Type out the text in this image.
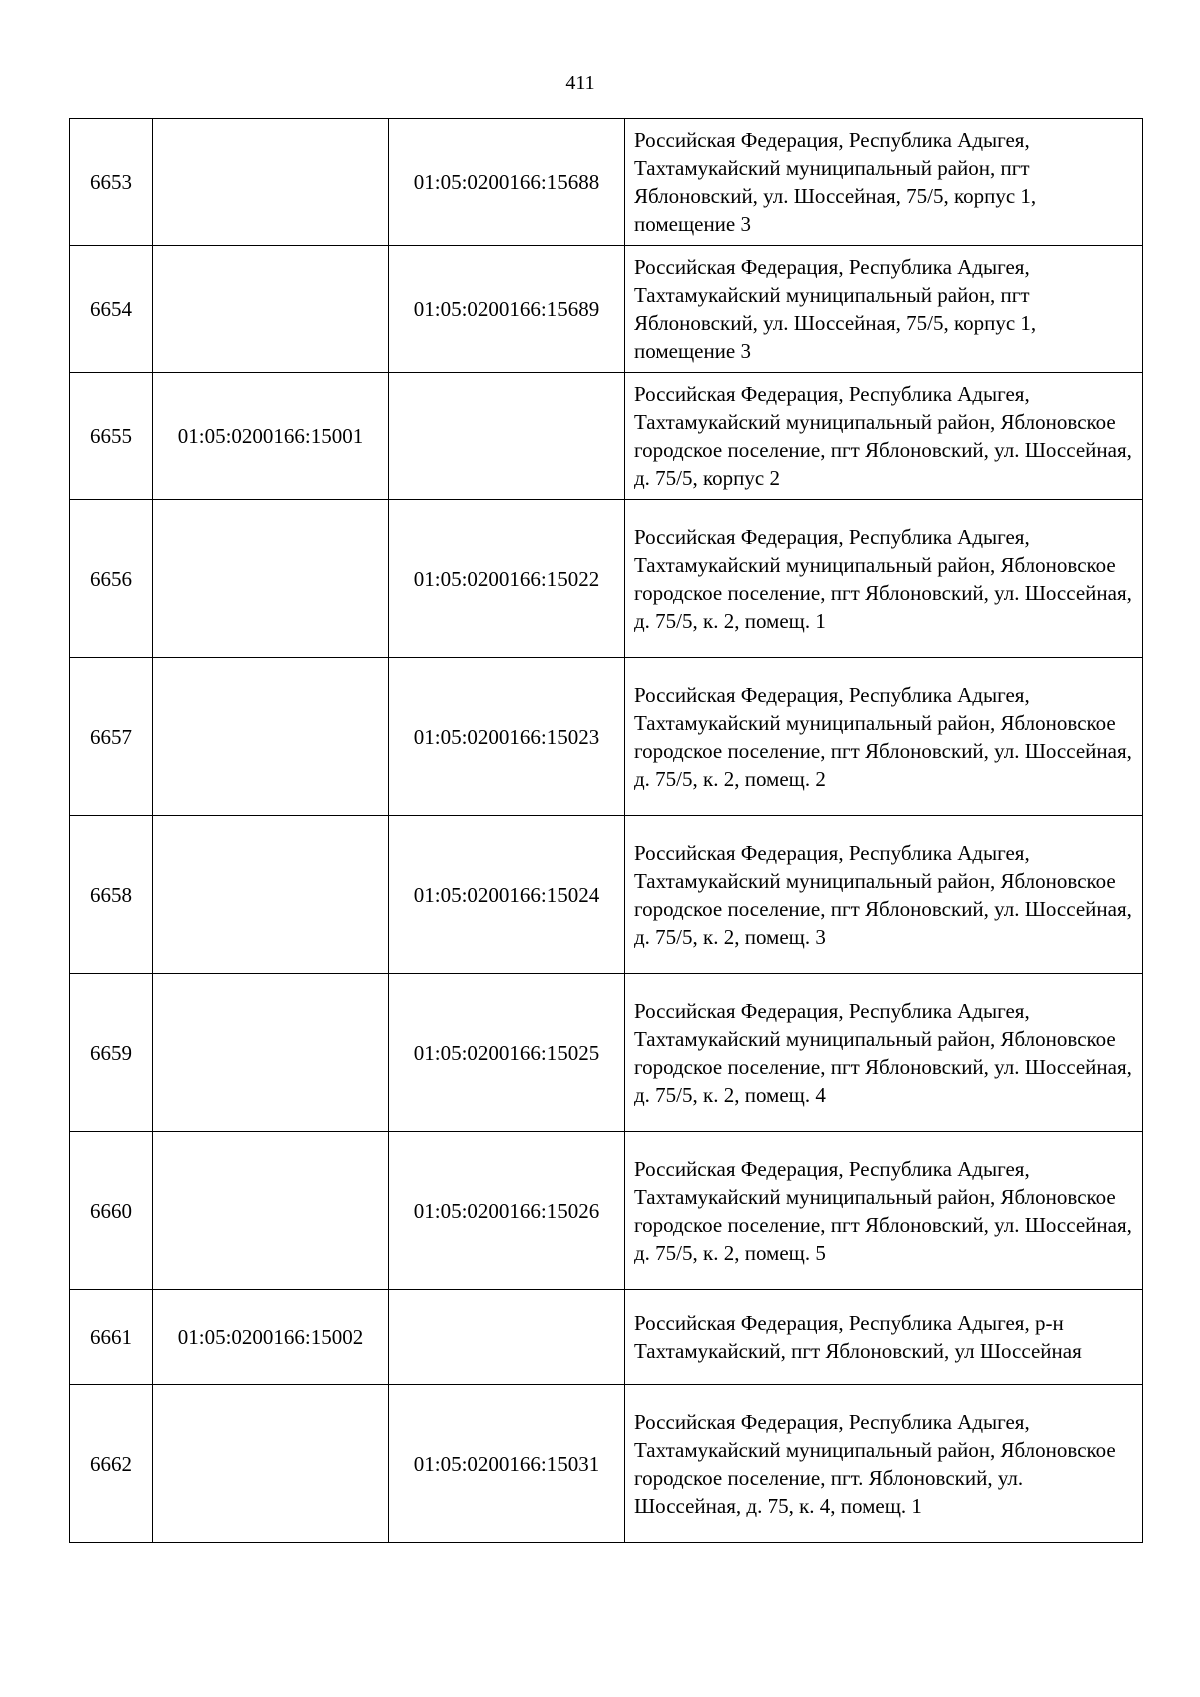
411
6653		01:05:0200166:15688	Российская Федерация, Республика Адыгея, Тахтамукайский муниципальный район, пгт Яблоновский, ул. Шоссейная, 75/5, корпус 1, помещение 3
6654		01:05:0200166:15689	Российская Федерация, Республика Адыгея, Тахтамукайский муниципальный район, пгт Яблоновский, ул. Шоссейная, 75/5, корпус 1, помещение 3
6655	01:05:0200166:15001		Российская Федерация, Республика Адыгея, Тахтамукайский муниципальный район, Яблоновское городское поселение, пгт Яблоновский, ул. Шоссейная, д. 75/5, корпус 2
6656		01:05:0200166:15022	Российская Федерация, Республика Адыгея, Тахтамукайский муниципальный район, Яблоновское городское поселение, пгт Яблоновский, ул. Шоссейная, д. 75/5, к. 2, помещ. 1
6657		01:05:0200166:15023	Российская Федерация, Республика Адыгея, Тахтамукайский муниципальный район, Яблоновское городское поселение, пгт Яблоновский, ул. Шоссейная, д. 75/5, к. 2, помещ. 2
6658		01:05:0200166:15024	Российская Федерация, Республика Адыгея, Тахтамукайский муниципальный район, Яблоновское городское поселение, пгт Яблоновский, ул. Шоссейная, д. 75/5, к. 2, помещ. 3
6659		01:05:0200166:15025	Российская Федерация, Республика Адыгея, Тахтамукайский муниципальный район, Яблоновское городское поселение, пгт Яблоновский, ул. Шоссейная, д. 75/5, к. 2, помещ. 4
6660		01:05:0200166:15026	Российская Федерация, Республика Адыгея, Тахтамукайский муниципальный район, Яблоновское городское поселение, пгт Яблоновский, ул. Шоссейная, д. 75/5, к. 2, помещ. 5
6661	01:05:0200166:15002		Российская Федерация, Республика Адыгея, р-н Тахтамукайский, пгт Яблоновский, ул Шоссейная
6662		01:05:0200166:15031	Российская Федерация, Республика Адыгея, Тахтамукайский муниципальный район, Яблоновское городское поселение, пгт. Яблоновский, ул. Шоссейная, д. 75, к. 4, помещ. 1
